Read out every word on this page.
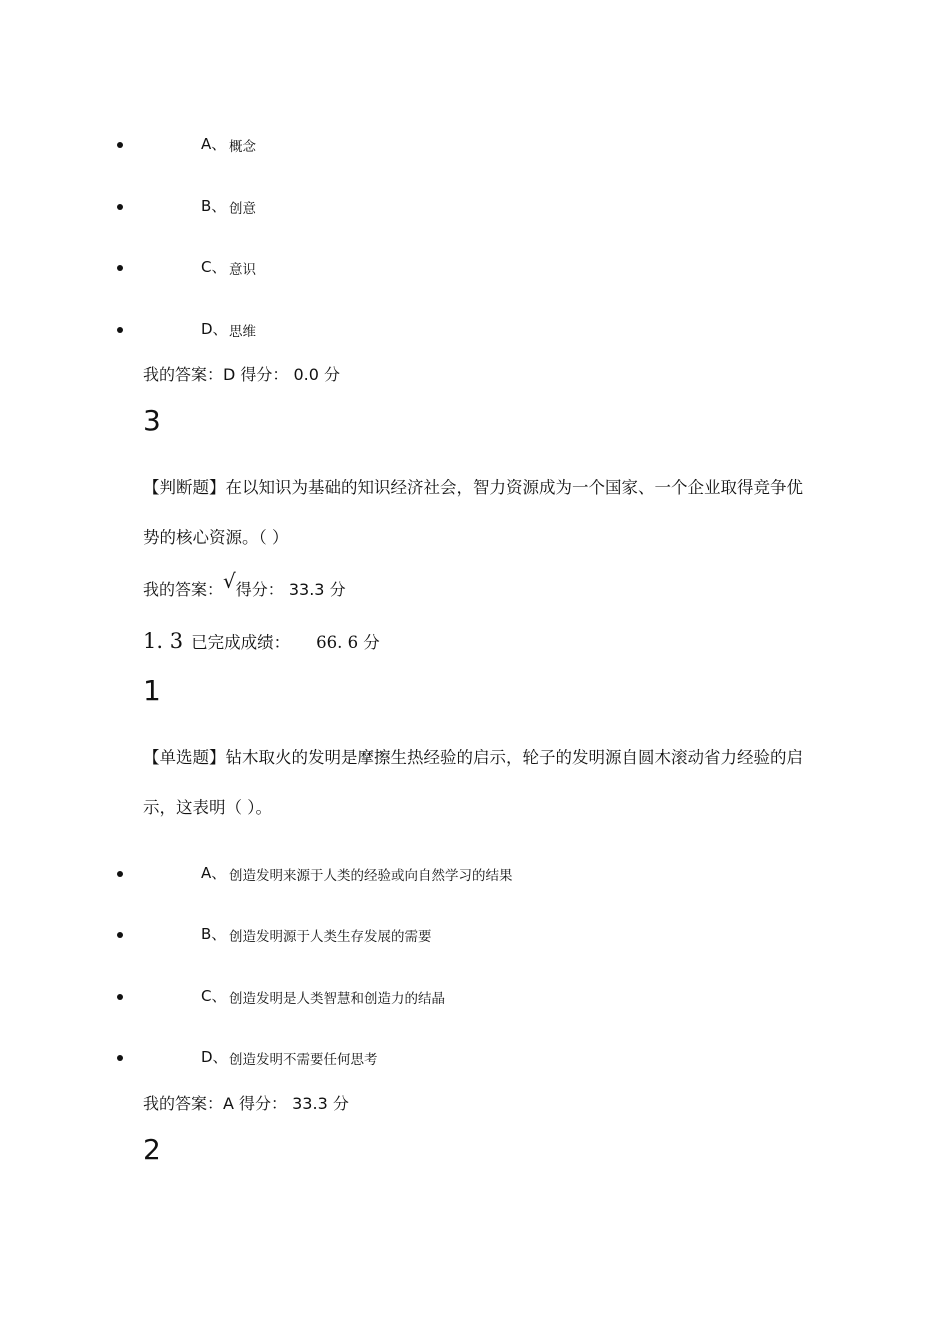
A、 概念
B、 创意
C、 意识
D、 思维
我的答案：D 得分： 0.0 分
3
【判断题】在以知识为基础的知识经济社会，智力资源成为一个国家、一个企业取得竞争优
势的核心资源。（ ）
我的答案：√得分： 33.3 分
1. 3 已完成成绩： 66. 6 分
1
【单选题】钻木取火的发明是摩擦生热经验的启示，轮子的发明源自圆木滚动省力经验的启
示，这表明（ ）。
A、 创造发明来源于人类的经验或向自然学习的结果
B、 创造发明源于人类生存发展的需要
C、 创造发明是人类智慧和创造力的结晶
D、 创造发明不需要任何思考
我的答案：A 得分： 33.3 分
2
